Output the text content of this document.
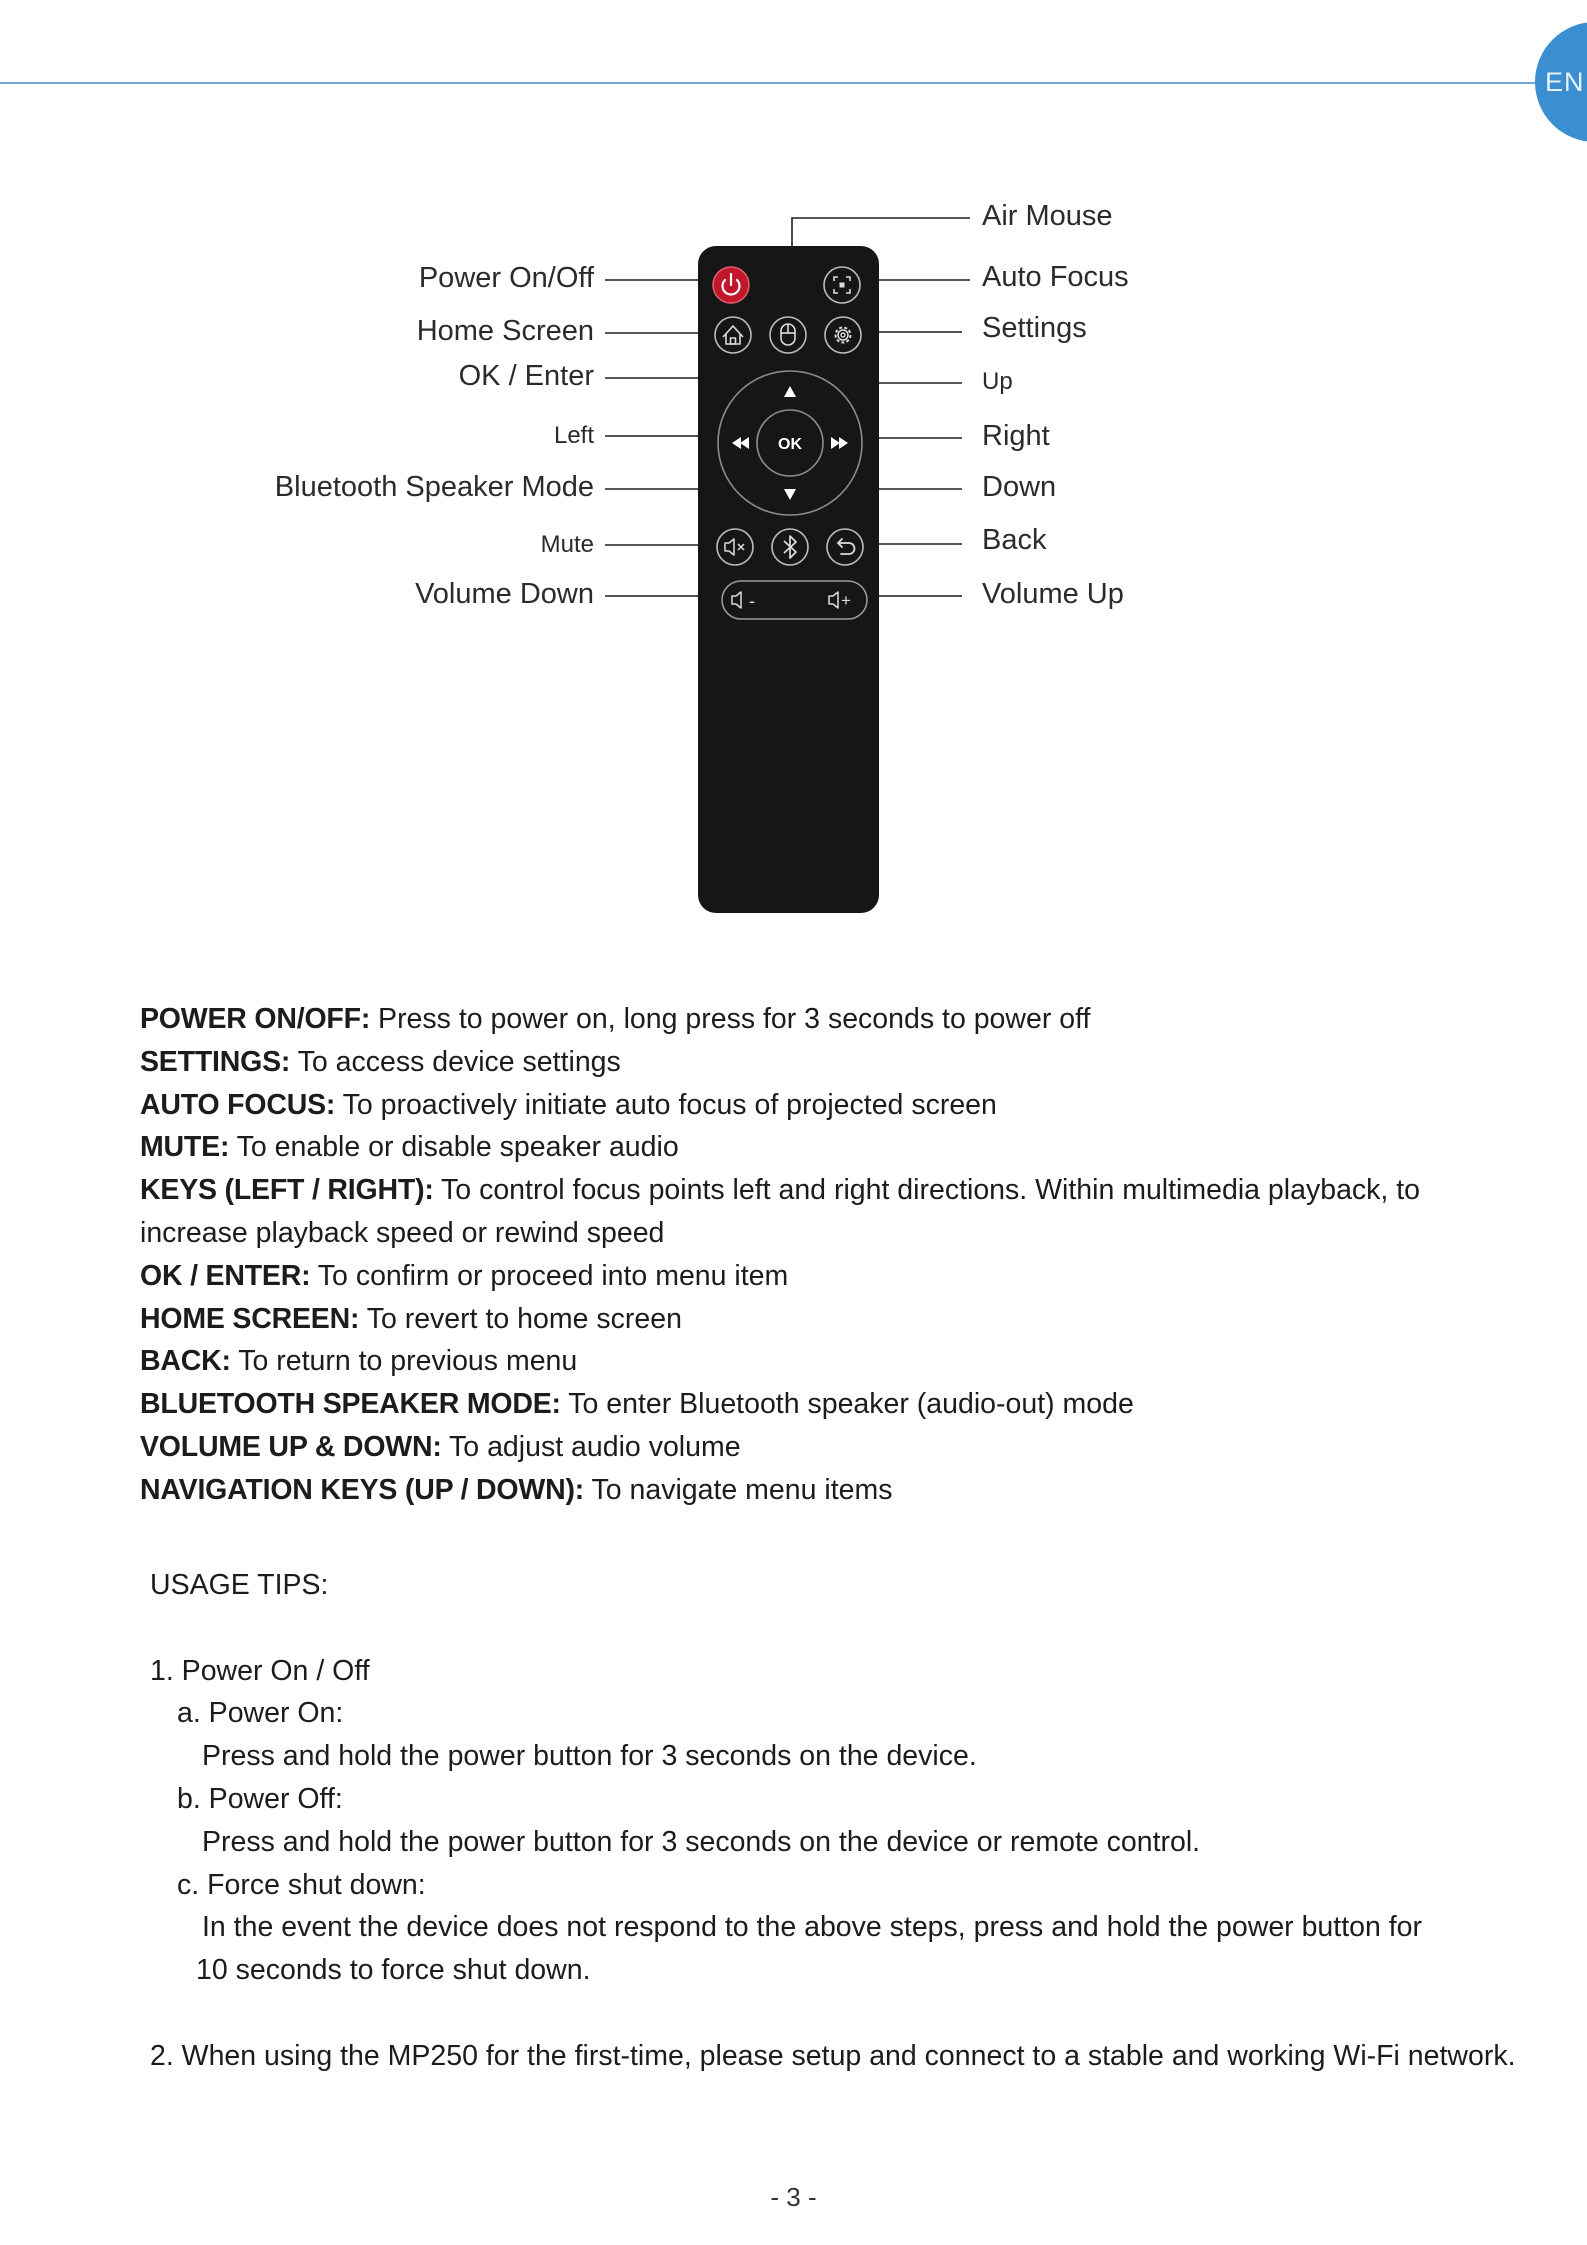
EN
OK
-	+
Power On/Off
Home Screen
OK / Enter
Left
Bluetooth Speaker Mode
Mute
Volume Down
Air Mouse
Auto Focus
Settings
Up
Right
Down
Back
Volume Up

POWER ON/OFF: Press to power on, long press for 3 seconds to power off

SETTINGS: To access device settings

AUTO FOCUS: To proactively initiate auto focus of projected screen

MUTE: To enable or disable speaker audio

KEYS (LEFT / RIGHT): To control focus points left and right directions. Within multimedia playback, to increase playback speed or rewind speed

OK / ENTER: To confirm or proceed into menu item

HOME SCREEN: To revert to home screen

BACK: To return to previous menu

BLUETOOTH SPEAKER MODE: To enter Bluetooth speaker (audio-out) mode

VOLUME UP & DOWN: To adjust audio volume

NAVIGATION KEYS (UP / DOWN): To navigate menu items

USAGE TIPS:

1. Power On / Off

a. Power On:

Press and hold the power button for 3 seconds on the device.

b. Power Off:

Press and hold the power button for 3 seconds on the device or remote control.

c. Force shut down:

In the event the device does not respond to the above steps, press and hold the power button for

10 seconds to force shut down.

2. When using the MP250 for the first-time, please setup and connect to a stable and working Wi-Fi network.

- 3 -
